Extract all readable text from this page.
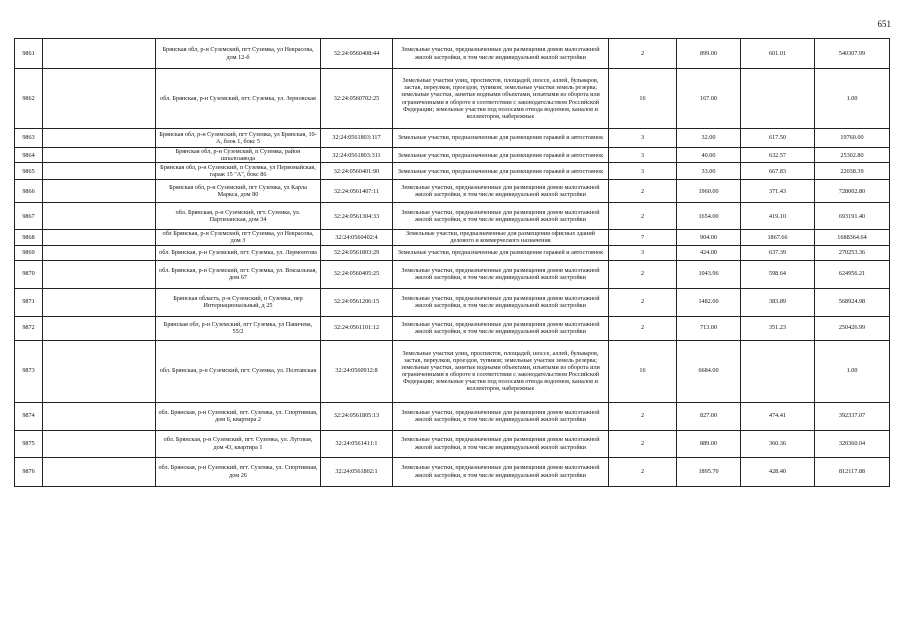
651
9861		Брянская обл, р-н Суземский, пгт Суземка, ул Некрасова, дом 12-б	32:24:0560408:44	Земельные участки, предназначенные для размещения домов малоэтажной жилой застройки, в том числе индивидуальной жилой застройки	2	899.00	601.01	540307.99
9862		обл. Брянская, р-н Суземский, пгт. Суземка, ул. Зерновская	32:24:0560702:25	Земельные участки улиц, проспектов, площадей, шоссе, аллей, бульваров, застав, переулков, проездов, тупиков; земельные участки земель резерва; земельные участки, занятые водными объектами, изъятыми из оборота или ограниченными в обороте в соответствии с законодательством Российской Федерации; земельные участки под полосами отвода водоемов, каналов и коллекторов, набережные	16	167.00		1.00
9863		Брянская обл, р-н Суземский, пгт Суземка, ул Брянская, 10-А, блок 1, бокс 5	32:24:0561803:117	Земельные участки, предназначенные для размещения гаражей и автостоянок	3	32.00	617.50	19760.00
9864		Брянская обл, р-н Суземский, п Суземка, район шпалозавода	32:24:0561803:311	Земельные участки, предназначенные для размещения гаражей и автостоянок	3	40.00	632.57	25302.80
9865		Брянская обл, р-н Суземский, п Суземка, ул Первомайская, гараж 15 "А", бокс 86	32:24:0560401:90	Земельные участки, предназначенные для размещения гаражей и автостоянок	3	33.00	667.83	22038.39
9866		Брянская обл, р-н Суземский, пгт Суземка, ул Карла Маркса, дом 80	32:24:0561407:11	Земельные участки, предназначенные для размещения домов малоэтажной жилой застройки, в том числе индивидуальной жилой застройки	2	1960.00	371.43	728002.80
9867		обл. Брянская, р-н Суземский, пгт. Суземка, ул. Партизанская, дом 34	32:24:0561304:33	Земельные участки, предназначенные для размещения домов малоэтажной жилой застройки, в том числе индивидуальной жилой застройки	2	1654.00	419.10	693191.40
9868		обл Брянская, р-н Суземский, пгт Суземка, ул Некрасова, дом 3	32:24:0560402:4	Земельные участки, предназначенные для размещения офисных зданий делового и коммерческого назначения	7	904.00	1867.66	1688364.64
9869		обл. Брянская, р-н Суземский, пгт. Суземка, ул. Лермонтова	32:24:0561803:29	Земельные участки, предназначенные для размещения гаражей и автостоянок	3	424.00	637.39	270253.36
9870		обл. Брянская, р-н Суземский, пгт. Суземка, ул. Вокзальная, дом 67	32:24:0560405:25	Земельные участки, предназначенные для размещения домов малоэтажной жилой застройки, в том числе индивидуальной жилой застройки	2	1043.96	598.64	624956.21
9871		Брянская область, р-н Суземский, п Суземка, пер Интернациональный, д 25	32:24:0561206:15	Земельные участки, предназначенные для размещения домов малоэтажной жилой застройки, в том числе индивидуальной жилой застройки	2	1482.00	383.89	568924.98
9872		Брянская обл, р-н Суземский, пгт Суземка, ул Павичева, 55/2	32:24:0561101:12	Земельные участки, предназначенные для размещения домов малоэтажной жилой застройки, в том числе индивидуальной жилой застройки	2	713.00	351.23	250426.99
9873		обл. Брянская, р-н Суземский, пгт. Суземка, ул. Полтавская	32:24:0560912:8	Земельные участки улиц, проспектов, площадей, шоссе, аллей, бульваров, застав, переулков, проездов, тупиков; земельные участки земель резерва; земельные участки, занятые водными объектами, изъятыми из оборота или ограниченными в обороте в соответствии с законодательством Российской Федерации; земельные участки под полосами отвода водоемов, каналов и коллекторов, набережные	16	6684.00		1.00
9874		обл. Брянская, р-н Суземский, пгт. Суземка, ул. Спортивная, дом 6, квартира 2	32:24:0561805:13	Земельные участки, предназначенные для размещения домов малоэтажной жилой застройки, в том числе индивидуальной жилой застройки	2	827.00	474.41	392337.07
9875		обл. Брянская, р-н Суземский, пгт. Суземка, ул. Луговая, дом 43, квартира 1	32:24:0561411:1	Земельные участки, предназначенные для размещения домов малоэтажной жилой застройки, в том числе индивидуальной жилой застройки	2	889.00	360.36	320360.04
9876		обл. Брянская, р-н Суземский, пгт. Суземка, ул. Спортивная, дом 26	32:24:0561802:1	Земельные участки, предназначенные для размещения домов малоэтажной жилой застройки, в том числе индивидуальной жилой застройки	2	1895.70	428.40	812117.88
